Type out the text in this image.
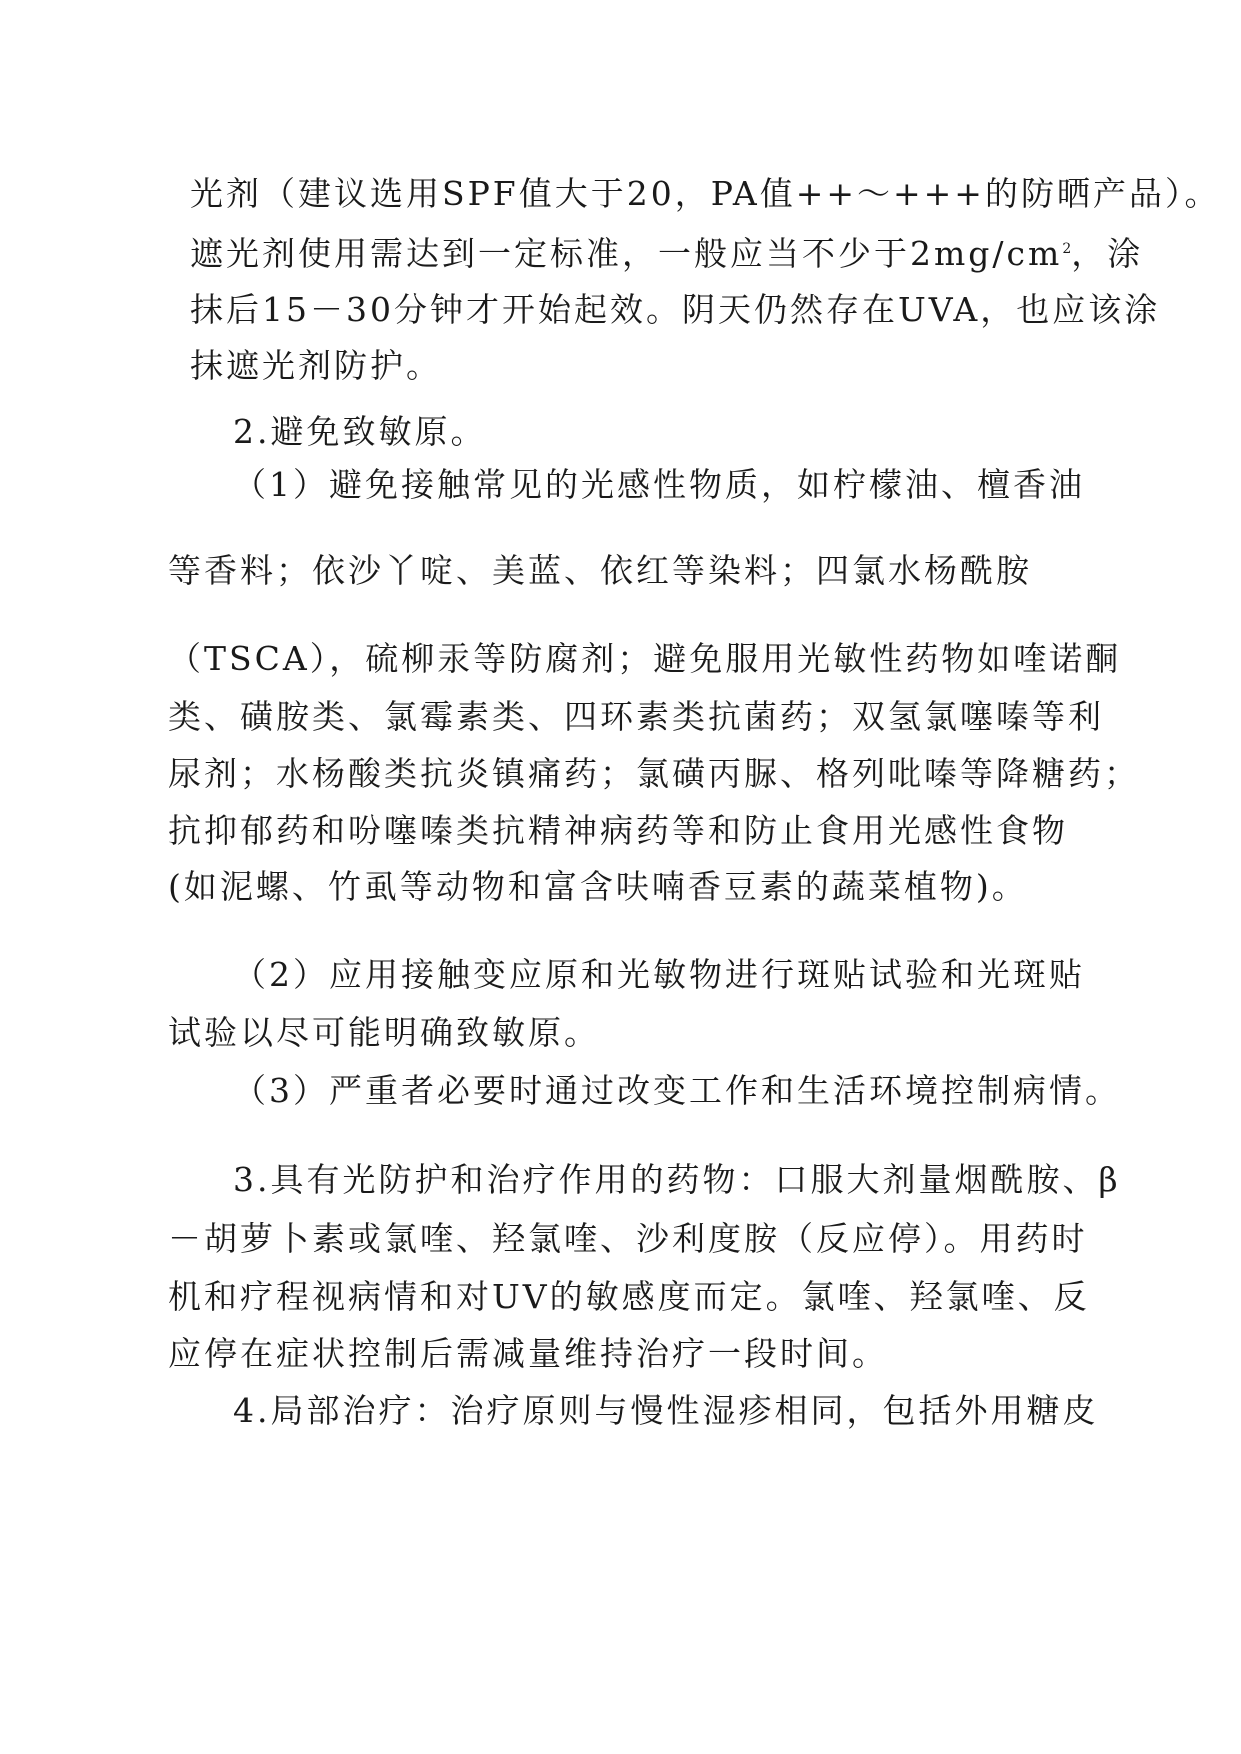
光剂（建议选用SPF值大于20，PA值++～+++的防晒产品）。
遮光剂使用需达到一定标准，一般应当不少于$2mg/cm^2$，涂
抹后15－30分钟才开始起效。阴天仍然存在UVA，也应该涂
抹遮光剂防护。
2.避免致敏原。
（1）避免接触常见的光感性物质，如柠檬油、檀香油
等香料；依沙丫啶、美蓝、依红等染料；四氯水杨酰胺
（TSCA），硫柳汞等防腐剂；避免服用光敏性药物如喹诺酮
类、磺胺类、氯霉素类、四环素类抗菌药；双氢氯噻嗪等利
尿剂；水杨酸类抗炎镇痛药；氯磺丙脲、格列吡嗪等降糖药；
抗抑郁药和吩噻嗪类抗精神病药等和防止食用光感性食物
(如泥螺、竹虱等动物和富含呋喃香豆素的蔬菜植物)。
（2）应用接触变应原和光敏物进行斑贴试验和光斑贴
试验以尽可能明确致敏原。
（3）严重者必要时通过改变工作和生活环境控制病情。
3.具有光防护和治疗作用的药物：口服大剂量烟酰胺、β
－胡萝卜素或氯喹、羟氯喹、沙利度胺（反应停）。用药时
机和疗程视病情和对UV的敏感度而定。氯喹、羟氯喹、反
应停在症状控制后需减量维持治疗一段时间。
4.局部治疗：治疗原则与慢性湿疹相同，包括外用糖皮
